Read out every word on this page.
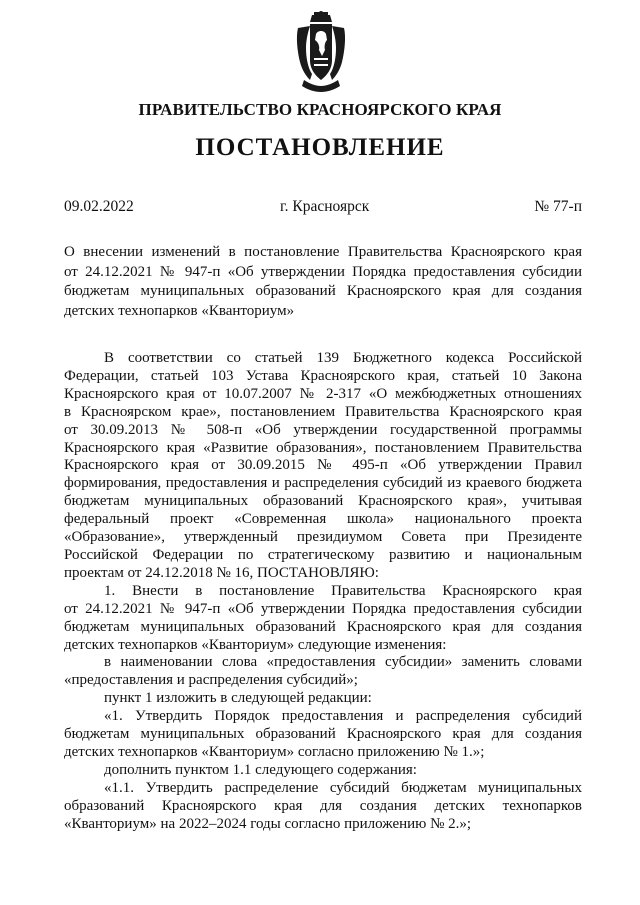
ПРАВИТЕЛЬСТВО КРАСНОЯРСКОГО КРАЯ
ПОСТАНОВЛЕНИЕ
09.02.2022	г. Красноярск	№ 77-п
О внесении изменений в постановление Правительства Красноярского края
от 24.12.2021 № 947-п «Об утверждении Порядка предоставления субсидии
бюджетам муниципальных образований Красноярского края для создания
детских технопарков «Кванториум»
В соответствии со статьей 139 Бюджетного кодекса Российской
Федерации, статьей 103 Устава Красноярского края, статьей 10 Закона
Красноярского края от 10.07.2007 № 2-317 «О межбюджетных отношениях
в Красноярском крае», постановлением Правительства Красноярского края
от 30.09.2013 № 508-п «Об утверждении государственной программы
Красноярского края «Развитие образования», постановлением Правительства
Красноярского края от 30.09.2015 № 495-п «Об утверждении Правил
формирования, предоставления и распределения субсидий из краевого бюджета
бюджетам муниципальных образований Красноярского края», учитывая
федеральный проект «Современная школа» национального проекта
«Образование», утвержденный президиумом Совета при Президенте
Российской Федерации по стратегическому развитию и национальным
проектам от 24.12.2018 № 16, ПОСТАНОВЛЯЮ:
1. Внести в постановление Правительства Красноярского края
от 24.12.2021 № 947-п «Об утверждении Порядка предоставления субсидии
бюджетам муниципальных образований Красноярского края для создания
детских технопарков «Кванториум» следующие изменения:
в наименовании слова «предоставления субсидии» заменить словами
«предоставления и распределения субсидий»;
пункт 1 изложить в следующей редакции:
«1. Утвердить Порядок предоставления и распределения субсидий
бюджетам муниципальных образований Красноярского края для создания
детских технопарков «Кванториум» согласно приложению № 1.»;
дополнить пунктом 1.1 следующего содержания:
«1.1. Утвердить распределение субсидий бюджетам муниципальных
образований Красноярского края для создания детских технопарков
«Кванториум» на 2022–2024 годы согласно приложению № 2.»;
